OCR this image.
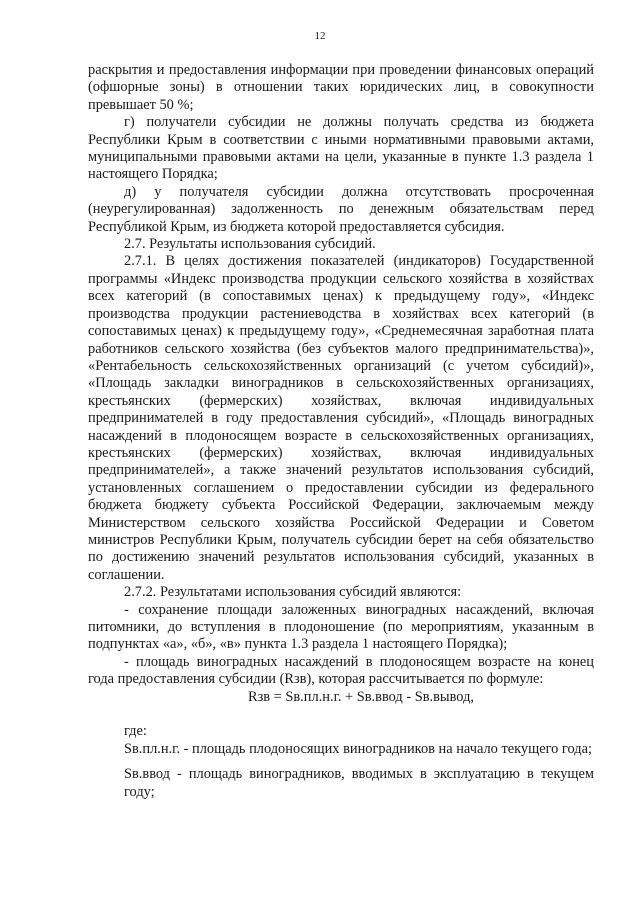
12

раскрытия и предоставления информации при проведении финансовых операций (офшорные зоны) в отношении таких юридических лиц, в совокупности превышает 50 %;

г) получатели субсидии не должны получать средства из бюджета Республики Крым в соответствии с иными нормативными правовыми актами, муниципальными правовыми актами на цели, указанные в пункте 1.3 раздела 1 настоящего Порядка;

д) у получателя субсидии должна отсутствовать просроченная (неурегулированная) задолженность по денежным обязательствам перед Республикой Крым, из бюджета которой предоставляется субсидия.

2.7. Результаты использования субсидий.

2.7.1. В целях достижения показателей (индикаторов) Государственной программы «Индекс производства продукции сельского хозяйства в хозяйствах всех категорий (в сопоставимых ценах) к предыдущему году», «Индекс производства продукции растениеводства в хозяйствах всех категорий (в сопоставимых ценах) к предыдущему году», «Среднемесячная заработная плата работников сельского хозяйства (без субъектов малого предпринимательства)», «Рентабельность сельскохозяйственных организаций (с учетом субсидий)», «Площадь закладки виноградников в сельскохозяйственных организациях, крестьянских (фермерских) хозяйствах, включая индивидуальных предпринимателей в году предоставления субсидий», «Площадь виноградных насаждений в плодоносящем возрасте в сельскохозяйственных организациях, крестьянских (фермерских) хозяйствах, включая индивидуальных предпринимателей», а также значений результатов использования субсидий, установленных соглашением о предоставлении субсидии из федерального бюджета бюджету субъекта Российской Федерации, заключаемым между Министерством сельского хозяйства Российской Федерации и Советом министров Республики Крым, получатель субсидии берет на себя обязательство по достижению значений результатов использования субсидий, указанных в соглашении.

2.7.2. Результатами использования субсидий являются:

- сохранение площади заложенных виноградных насаждений, включая питомники, до вступления в плодоношение (по мероприятиям, указанным в подпунктах «а», «б», «в» пункта 1.3 раздела 1 настоящего Порядка);

- площадь виноградных насаждений в плодоносящем возрасте на конец года предоставления субсидии (Rзв), которая рассчитывается по формуле:

Rзв = Sв.пл.н.г. + Sв.ввод - Sв.вывод,

где:

Sв.пл.н.г. - площадь плодоносящих виноградников на начало текущего года;

Sв.ввод - площадь виноградников, вводимых в эксплуатацию в текущем году;
